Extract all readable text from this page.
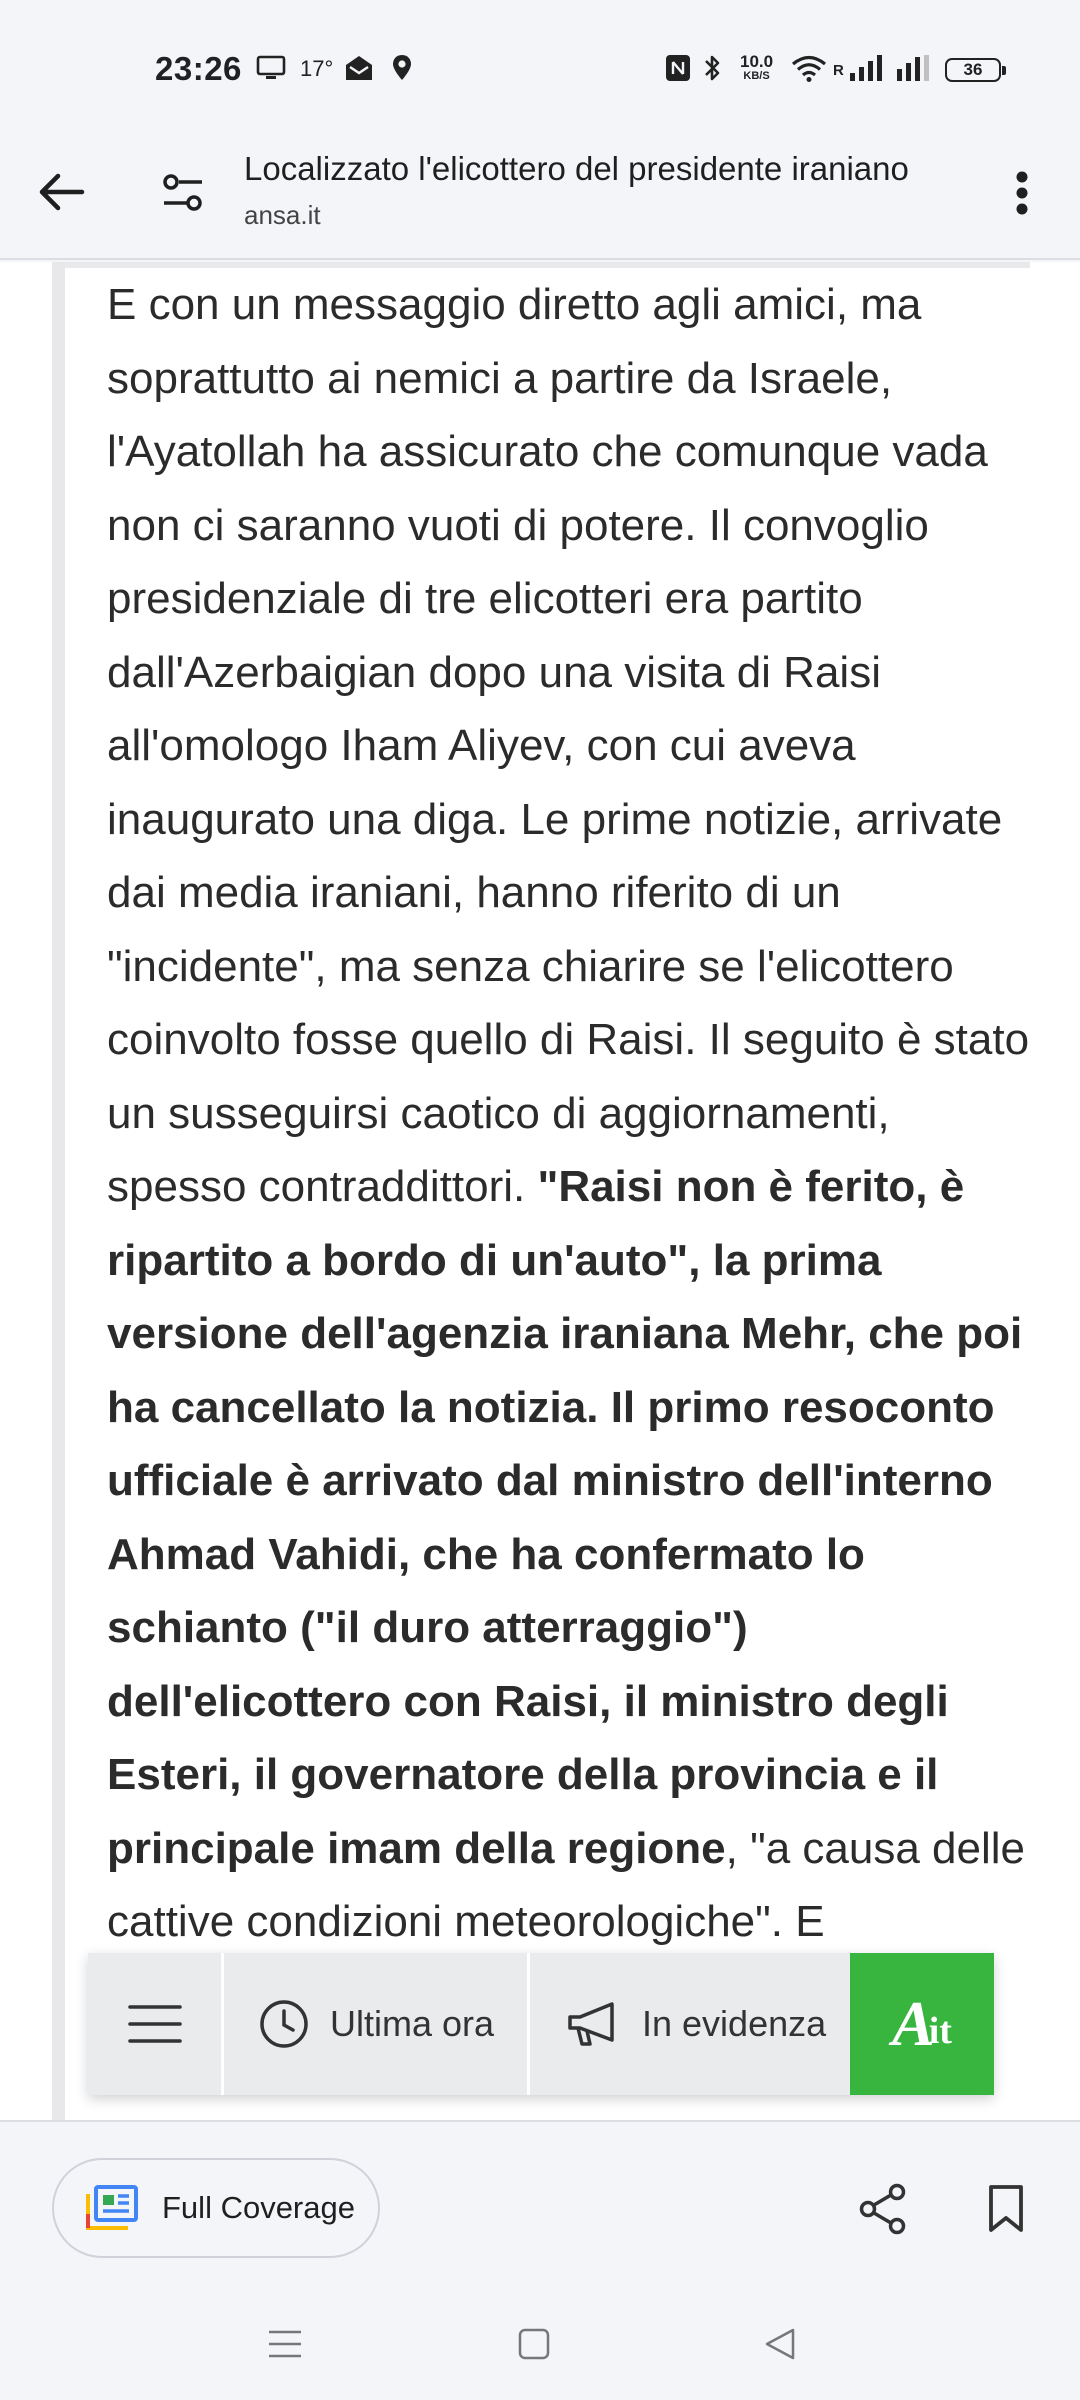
23:26	17°	10.0
KB/S	R	36
Localizzato l'elicottero del presidente iraniano
ansa.it

E con un messaggio diretto agli amici, ma soprattutto ai nemici a partire da Israele, l'Ayatollah ha assicurato che comunque vada non ci saranno vuoti di potere. Il convoglio presidenziale di tre elicotteri era partito dall'Azerbaigian dopo una visita di Raisi all'omologo Iham Aliyev, con cui aveva inaugurato una diga. Le prime notizie, arrivate dai media iraniani, hanno riferito di un "incidente", ma senza chiarire se l'elicottero coinvolto fosse quello di Raisi. Il seguito è stato un susseguirsi caotico di aggiornamenti, spesso contraddittori. "Raisi non è ferito, è ripartito a bordo di un'auto", la prima versione dell'agenzia iraniana Mehr, che poi ha cancellato la notizia. Il primo resoconto ufficiale è arrivato dal ministro dell'interno Ahmad Vahidi, che ha confermato lo schianto ("il duro atterraggio") dell'elicottero con Raisi, il ministro degli Esteri, il governatore della provincia e il principale imam della regione, "a causa delle cattive condizioni meteorologiche". E

Ultima ora	In evidenza A
it
Full Coverage
